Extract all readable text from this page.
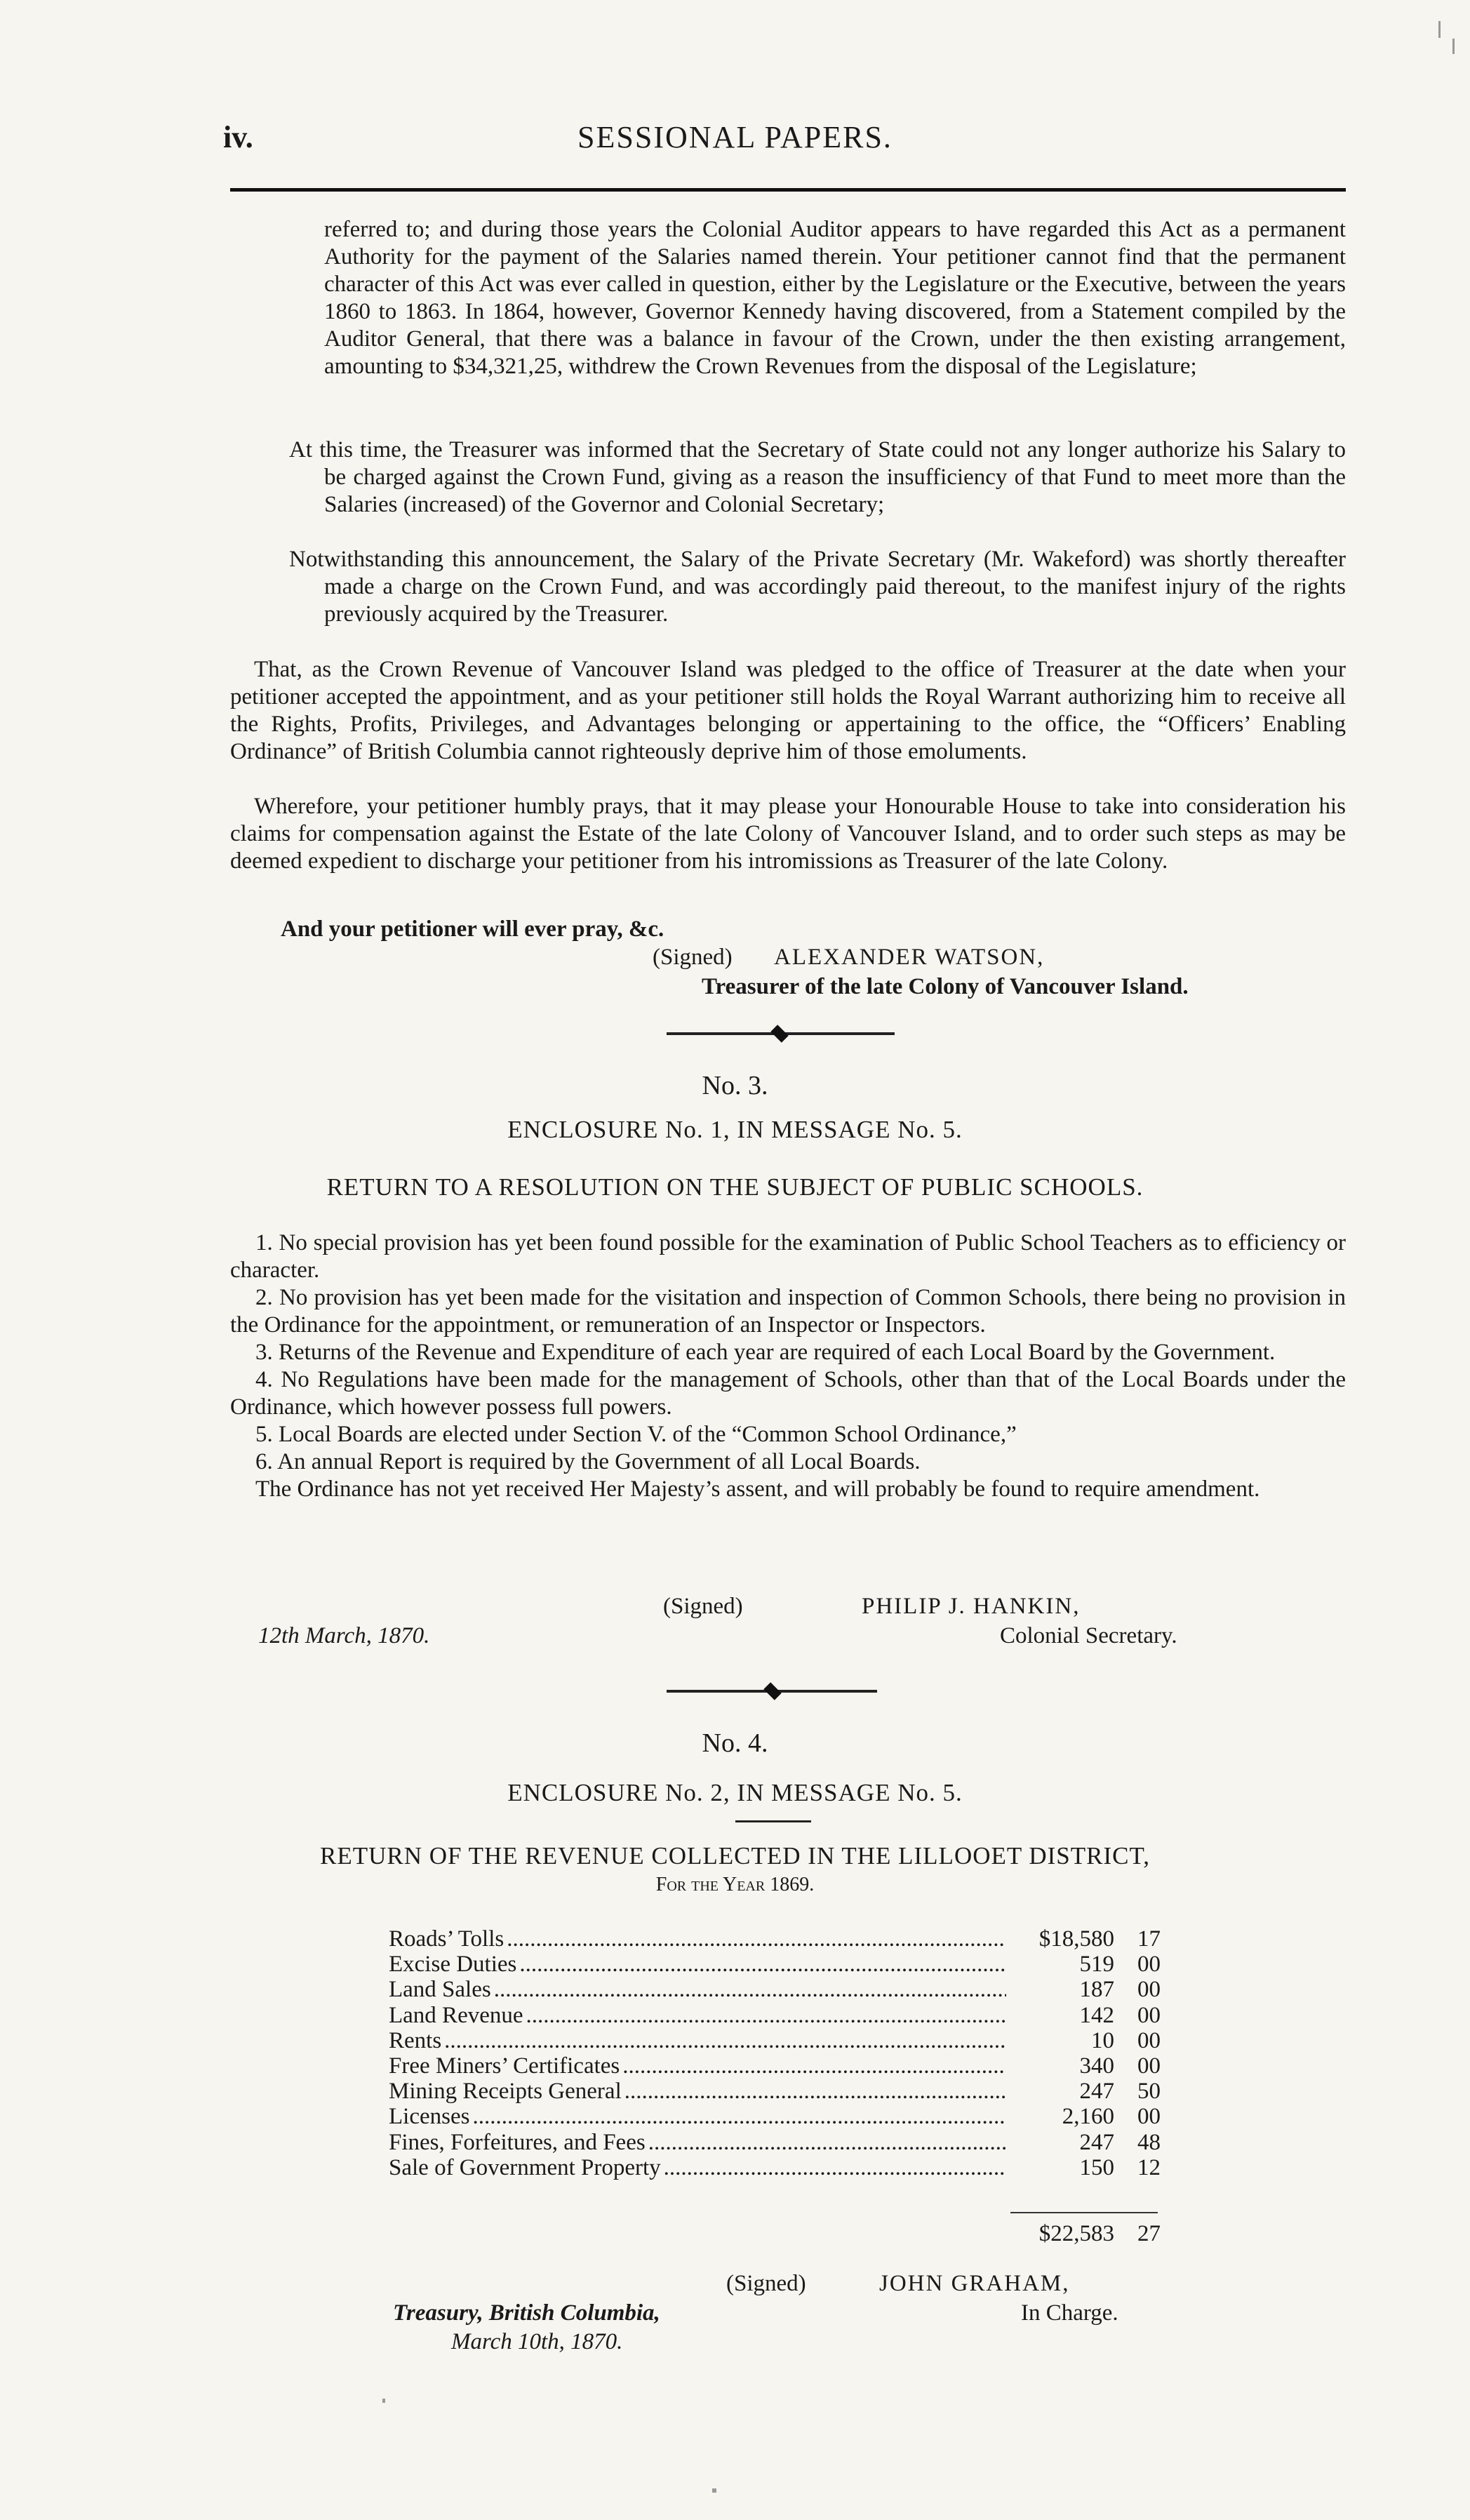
iv.	SESSIONAL PAPERS.

referred to; and during those years the Colonial Auditor appears to have regarded this Act as a permanent Authority for the payment of the Salaries named therein. Your petitioner cannot find that the permanent character of this Act was ever called in question, either by the Legislature or the Executive, between the years 1860 to 1863. In 1864, however, Governor Kennedy having discovered, from a Statement compiled by the Auditor General, that there was a balance in favour of the Crown, under the then existing arrangement, amounting to $34,321,25, withdrew the Crown Revenues from the disposal of the Legislature;

At this time, the Treasurer was informed that the Secretary of State could not any longer authorize his Salary to be charged against the Crown Fund, giving as a reason the insufficiency of that Fund to meet more than the Salaries (increased) of the Governor and Colonial Secretary;

Notwithstanding this announcement, the Salary of the Private Secretary (Mr. Wakeford) was shortly thereafter made a charge on the Crown Fund, and was accordingly paid thereout, to the manifest injury of the rights previously acquired by the Treasurer.

That, as the Crown Revenue of Vancouver Island was pledged to the office of Treasurer at the date when your petitioner accepted the appointment, and as your petitioner still holds the Royal Warrant authorizing him to receive all the Rights, Profits, Privileges, and Advantages belonging or appertaining to the office, the “Officers’ Enabling Ordinance” of British Columbia cannot righteously deprive him of those emoluments.

Wherefore, your petitioner humbly prays, that it may please your Honourable House to take into consideration his claims for compensation against the Estate of the late Colony of Vancouver Island, and to order such steps as may be deemed expedient to discharge your petitioner from his intromissions as Treasurer of the late Colony.

And your petitioner will ever pray, &c.

(Signed) ALEXANDER WATSON,
Treasurer of the late Colony of Vancouver Island.
No. 3.
ENCLOSURE No. 1, IN MESSAGE No. 5.
RETURN TO A RESOLUTION ON THE SUBJECT OF PUBLIC SCHOOLS.

1. No special provision has yet been found possible for the examination of Public School Teachers as to efficiency or character.

2. No provision has yet been made for the visitation and inspection of Common Schools, there being no provision in the Ordinance for the appointment, or remuneration of an Inspector or Inspectors.

3. Returns of the Revenue and Expenditure of each year are required of each Local Board by the Government.

4. No Regulations have been made for the management of Schools, other than that of the Local Boards under the Ordinance, which however possess full powers.

5. Local Boards are elected under Section V. of the “Common School Ordinance,”

6. An annual Report is required by the Government of all Local Boards.

The Ordinance has not yet received Her Majesty’s assent, and will probably be found to require amendment.

(Signed)	PHILIP J. HANKIN,
12th March, 1870.	Colonial Secretary.
No. 4.
ENCLOSURE No. 2, IN MESSAGE No. 5.
RETURN OF THE REVENUE COLLECTED IN THE LILLOOET DISTRICT,
For the Year 1869.
Roads’ Tolls .....	$18,580	17
Excise Duties .....	519	00
Land Sales .....	187	00
Land Revenue .....	142	00
Rents .....	10	00
Free Miners’ Certificates .....	340	00
Mining Receipts General .....	247	50
Licenses .....	2,160	00
Fines, Forfeitures, and Fees .....	247	48
Sale of Government Property .....	150	12
$22,583	27
(Signed)	JOHN GRAHAM,
Treasury, British Columbia,	In Charge.
March 10th, 1870.
